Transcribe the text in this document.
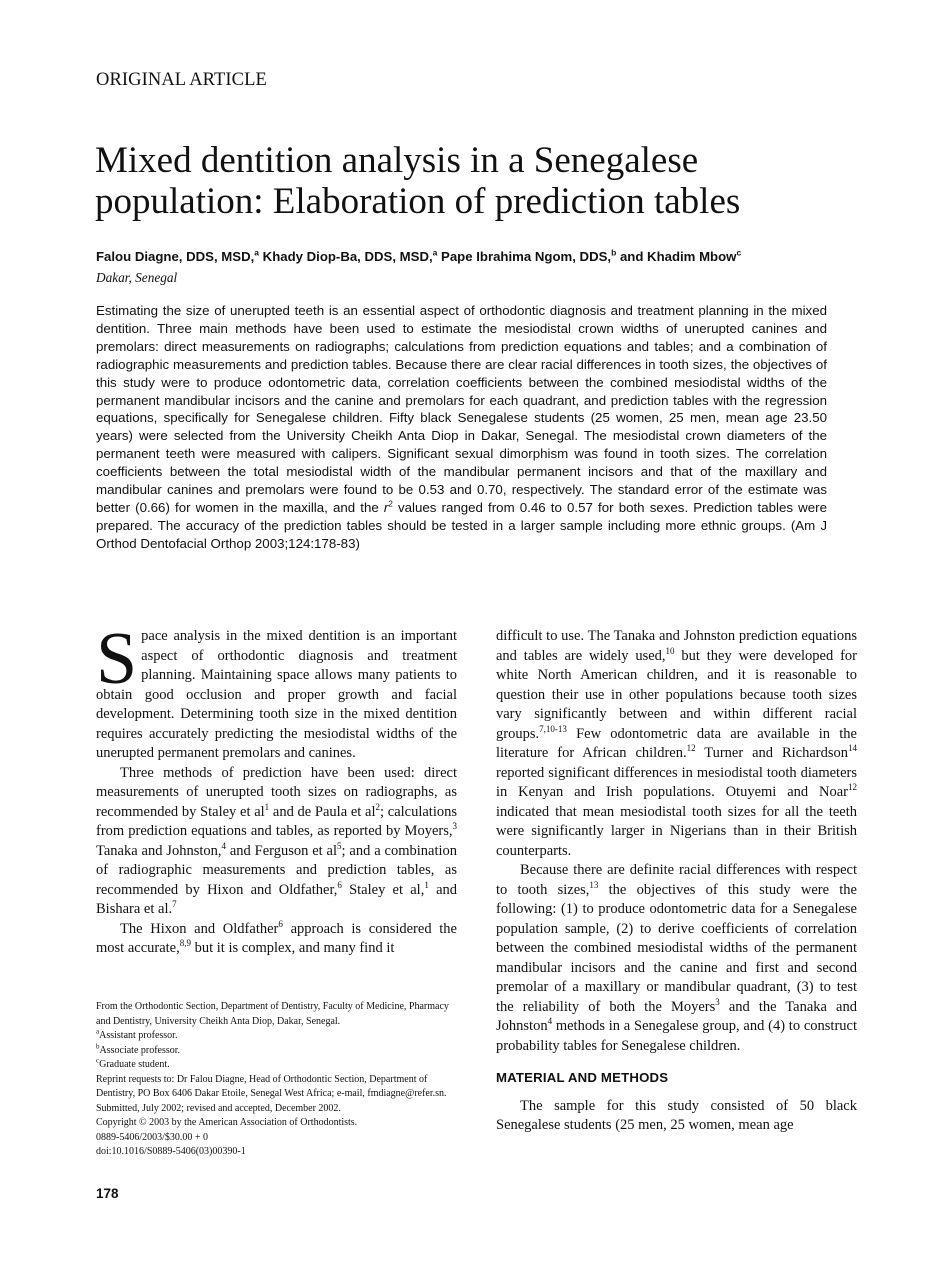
ORIGINAL ARTICLE
Mixed dentition analysis in a Senegalese population: Elaboration of prediction tables
Falou Diagne, DDS, MSD,$^a$ Khady Diop-Ba, DDS, MSD,$^a$ Pape Ibrahima Ngom, DDS,$^b$ and Khadim Mbow$^c$
Dakar, Senegal

Estimating the size of unerupted teeth is an essential aspect of orthodontic diagnosis and treatment planning in the mixed dentition. Three main methods have been used to estimate the mesiodistal crown widths of unerupted canines and premolars: direct measurements on radiographs; calculations from prediction equations and tables; and a combination of radiographic measurements and prediction tables. Because there are clear racial differences in tooth sizes, the objectives of this study were to produce odontometric data, correlation coefficients between the combined mesiodistal widths of the permanent mandibular incisors and the canine and premolars for each quadrant, and prediction tables with the regression equations, specifically for Senegalese children. Fifty black Senegalese students (25 women, 25 men, mean age 23.50 years) were selected from the University Cheikh Anta Diop in Dakar, Senegal. The mesiodistal crown diameters of the permanent teeth were measured with calipers. Significant sexual dimorphism was found in tooth sizes. The correlation coefficients between the total mesiodistal width of the mandibular permanent incisors and that of the maxillary and mandibular canines and premolars were found to be 0.53 and 0.70, respectively. The standard error of the estimate was better (0.66) for women in the maxilla, and the $r^2$ values ranged from 0.46 to 0.57 for both sexes. Prediction tables were prepared. The accuracy of the prediction tables should be tested in a larger sample including more ethnic groups. (Am J Orthod Dentofacial Orthop 2003;124:178-83)

Space analysis in the mixed dentition is an important aspect of orthodontic diagnosis and treatment planning. Maintaining space allows many patients to obtain good occlusion and proper growth and facial development. Determining tooth size in the mixed dentition requires accurately predicting the mesiodistal widths of the unerupted permanent premolars and canines.

Three methods of prediction have been used: direct measurements of unerupted tooth sizes on radiographs, as recommended by Staley et $al^1$ and de Paula et $al^2$; calculations from prediction equations and tables, as reported by Moyers,$^3$ Tanaka and Johnston,$^4$ and Ferguson et $al^5$; and a combination of radiographic measurements and prediction tables, as recommended by Hixon and Oldfather,$^6$ Staley et al,$^1$ and Bishara et al.$^7$

The Hixon and Oldfather$^6$ approach is considered the most accurate,$^{8,9}$ but it is complex, and many find it

difficult to use. The Tanaka and Johnston prediction equations and tables are widely used,$^{10}$ but they were developed for white North American children, and it is reasonable to question their use in other populations because tooth sizes vary significantly between and within different racial groups.$^{7,10-13}$ Few odontometric data are available in the literature for African children.$^{12}$ Turner and Richardson$^{14}$ reported significant differences in mesiodistal tooth diameters in Kenyan and Irish populations. Otuyemi and Noar$^{12}$ indicated that mean mesiodistal tooth sizes for all the teeth were significantly larger in Nigerians than in their British counterparts.

Because there are definite racial differences with respect to tooth sizes,$^{13}$ the objectives of this study were the following: (1) to produce odontometric data for a Senegalese population sample, (2) to derive coefficients of correlation between the combined mesiodistal widths of the permanent mandibular incisors and the canine and first and second premolar of a maxillary or mandibular quadrant, (3) to test the reliability of both the Moyers$^3$ and the Tanaka and Johnston$^4$ methods in a Senegalese group, and (4) to construct probability tables for Senegalese children.

MATERIAL AND METHODS

The sample for this study consisted of 50 black Senegalese students (25 men, 25 women, mean age

From the Orthodontic Section, Department of Dentistry, Faculty of Medicine, Pharmacy and Dentistry, University Cheikh Anta Diop, Dakar, Senegal.
$^a$Assistant professor.
$^b$Associate professor.
$^c$Graduate student.
Reprint requests to: Dr Falou Diagne, Head of Orthodontic Section, Department of Dentistry, PO Box 6406 Dakar Etoile, Senegal West Africa; e-mail, fmdiagne@refer.sn.
Submitted, July 2002; revised and accepted, December 2002.
Copyright © 2003 by the American Association of Orthodontists.
0889-5406/2003/$30.00 + 0
doi:10.1016/S0889-5406(03)00390-1
178
